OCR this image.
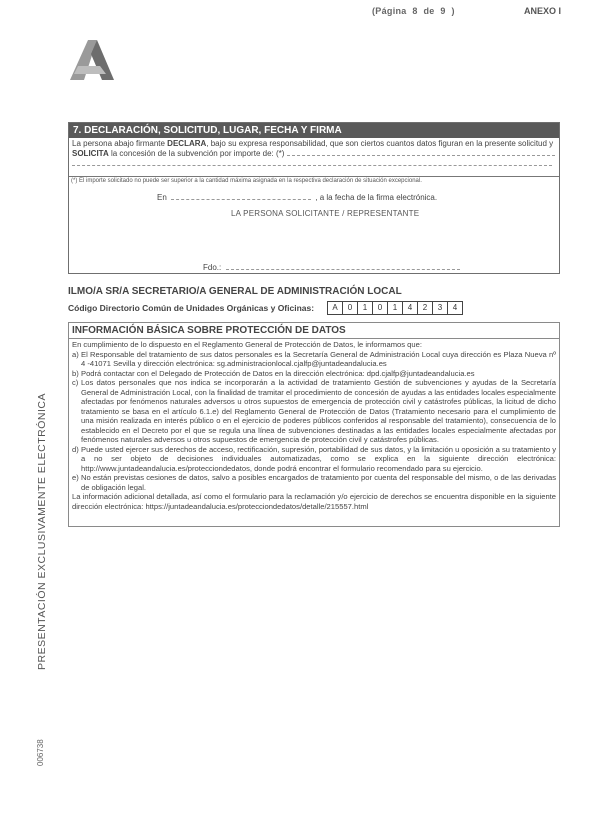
(Página 8 de 9 )	ANEXO I
PRESENTACIÓN EXCLUSIVAMENTE ELECTRÓNICA
006738
7. DECLARACIÓN, SOLICITUD, LUGAR, FECHA Y FIRMA
La persona abajo firmante DECLARA, bajo su expresa responsabilidad, que son ciertos cuantos datos figuran en la presente solicitud y SOLICITA la concesión de la subvención por importe de: (*)
(*) El importe solicitado no puede ser superior a la cantidad máxima asignada en la respectiva declaración de situación excepcional.
En	, a la fecha de la firma electrónica.
LA PERSONA SOLICITANTE / REPRESENTANTE
Fdo.:
ILMO/A SR/A SECRETARIO/A GENERAL DE ADMINISTRACIÓN LOCAL
Código Directorio Común de Unidades Orgánicas y Oficinas:	A	0	1	0	1	4	2	3	4
INFORMACIÓN BÁSICA SOBRE PROTECCIÓN DE DATOS

En cumplimiento de lo dispuesto en el Reglamento General de Protección de Datos, le informamos que:

a) El Responsable del tratamiento de sus datos personales es la Secretaría General de Administración Local cuya dirección es Plaza Nueva nº 4 -41071 Sevilla y dirección electrónica: sg.administracionlocal.cjalfp@juntadeandalucia.es
b) Podrá contactar con el Delegado de Protección de Datos en la dirección electrónica: dpd.cjalfp@juntadeandalucia.es
c) Los datos personales que nos indica se incorporarán a la actividad de tratamiento Gestión de subvenciones y ayudas de la Secretaría General de Administración Local, con la finalidad de tramitar el procedimiento de concesión de ayudas a las entidades locales especialmente afectadas por fenómenos naturales adversos u otros supuestos de emergencia de protección civil y catástrofes públicas, la licitud de dicho tratamiento se basa en el artículo 6.1.e) del Reglamento General de Protección de Datos (Tratamiento necesario para el cumplimiento de una misión realizada en interés público o en el ejercicio de poderes públicos conferidos al responsable del tratamiento), consecuencia de lo establecido en el Decreto por el que se regula una línea de subvenciones destinadas a las entidades locales especialmente afectadas por fenómenos naturales adversos u otros supuestos de emergencia de protección civil y catástrofes públicas.
d) Puede usted ejercer sus derechos de acceso, rectificación, supresión, portabilidad de sus datos, y la limitación u oposición a su tratamiento y a no ser objeto de decisiones individuales automatizadas, como se explica en la siguiente dirección electrónica: http://www.juntadeandalucia.es/protecciondedatos, donde podrá encontrar el formulario recomendado para su ejercicio.
e) No están previstas cesiones de datos, salvo a posibles encargados de tratamiento por cuenta del responsable del mismo, o de las derivadas de obligación legal.

La información adicional detallada, así como el formulario para la reclamación y/o ejercicio de derechos se encuentra disponible en la siguiente dirección electrónica: https://juntadeandalucia.es/protecciondedatos/detalle/215557.html
